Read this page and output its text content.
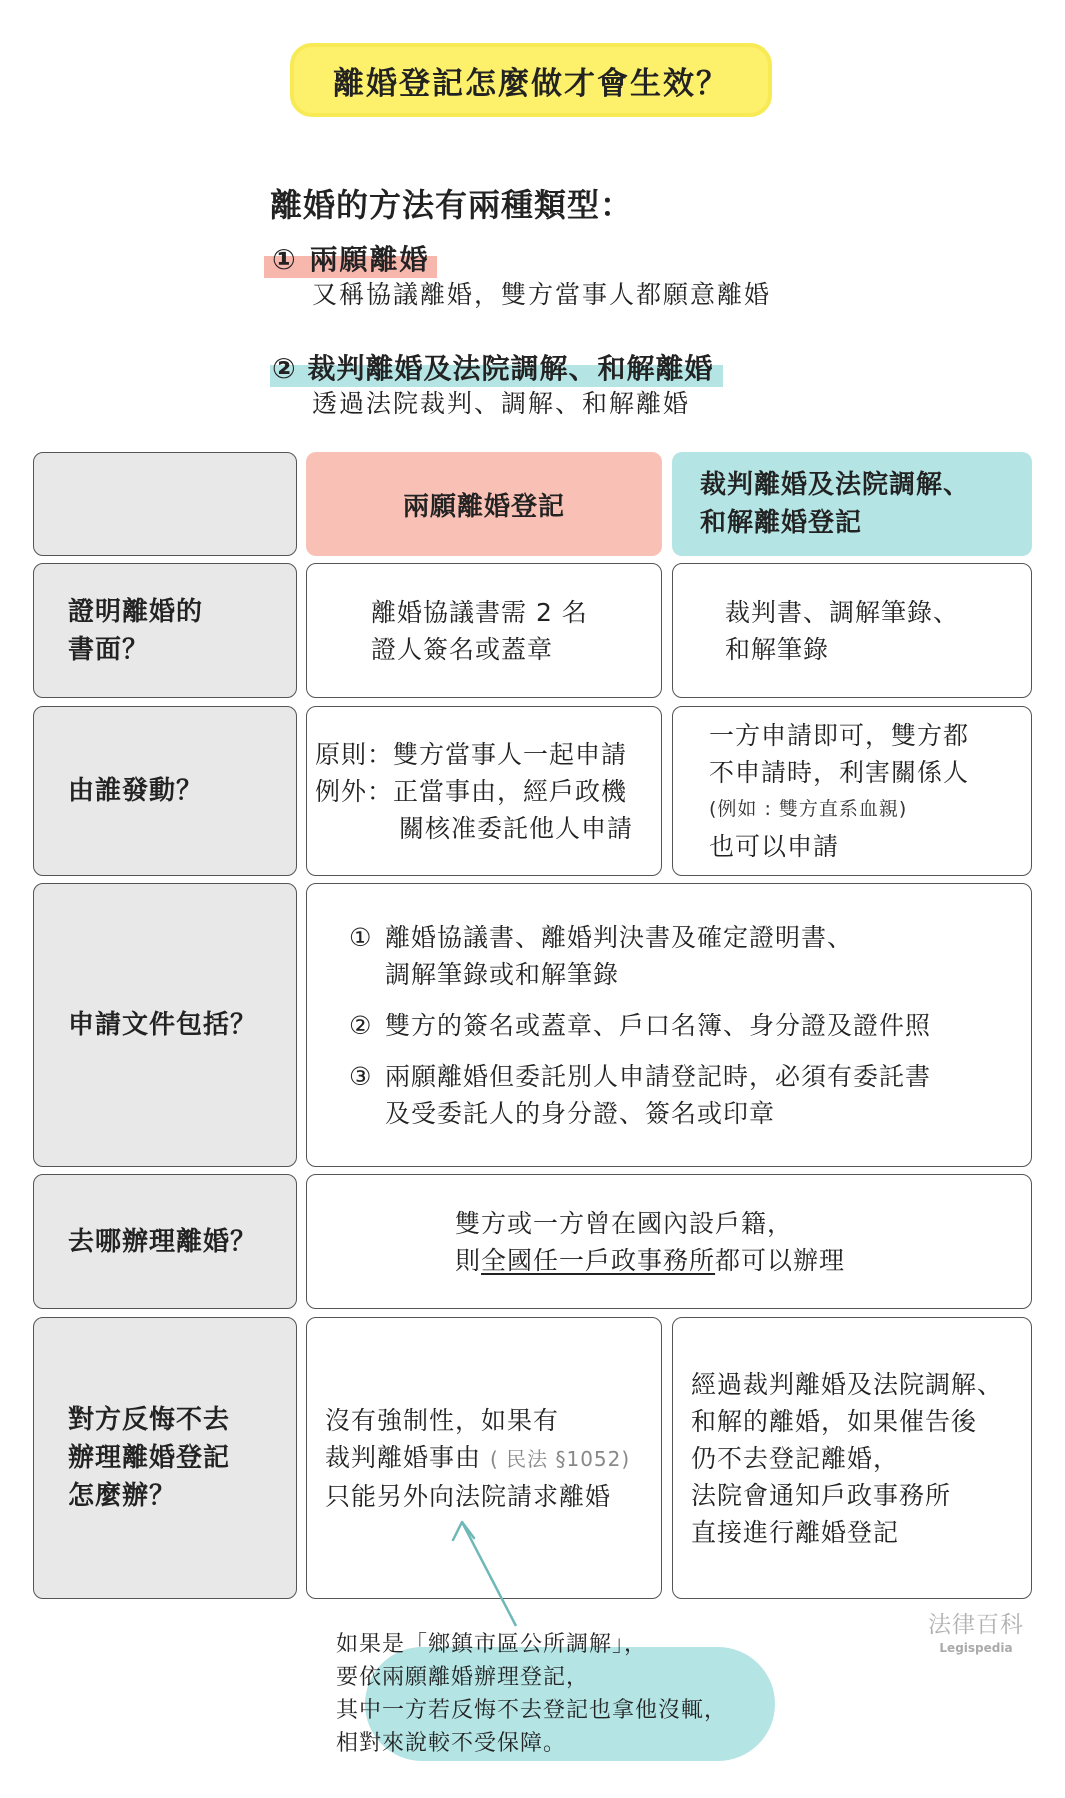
離婚登記怎麼做才會生效？
離婚的方法有兩種類型：
① 兩願離婚
又稱協議離婚，雙方當事人都願意離婚
② 裁判離婚及法院調解、和解離婚
透過法院裁判、調解、和解離婚
兩願離婚登記
裁判離婚及法院調解、
和解離婚登記
證明離婚的
書面？
離婚協議書需 2 名
證人簽名或蓋章
裁判書、調解筆錄、
和解筆錄
由誰發動？
原則：雙方當事人一起申請
例外：正當事由，經戶政機
關核准委託他人申請
一方申請即可，雙方都
不申請時，利害關係人
(例如 : 雙方直系血親)
也可以申請
申請文件包括？
① 離婚協議書、離婚判決書及確定證明書、
調解筆錄或和解筆錄
② 雙方的簽名或蓋章、戶口名簿、身分證及證件照
③ 兩願離婚但委託別人申請登記時，必須有委託書
及受委託人的身分證、簽名或印章
去哪辦理離婚？
雙方或一方曾在國內設戶籍，
則全國任一戶政事務所都可以辦理
對方反悔不去
辦理離婚登記
怎麼辦？
沒有強制性，如果有
裁判離婚事由 ( 民法 §1052)
只能另外向法院請求離婚
經過裁判離婚及法院調解、
和解的離婚，如果催告後
仍不去登記離婚，
法院會通知戶政事務所
直接進行離婚登記
如果是「鄉鎮市區公所調解」，
要依兩願離婚辦理登記，
其中一方若反悔不去登記也拿他沒輒，
相對來說較不受保障。
法律百科
Legispedia
